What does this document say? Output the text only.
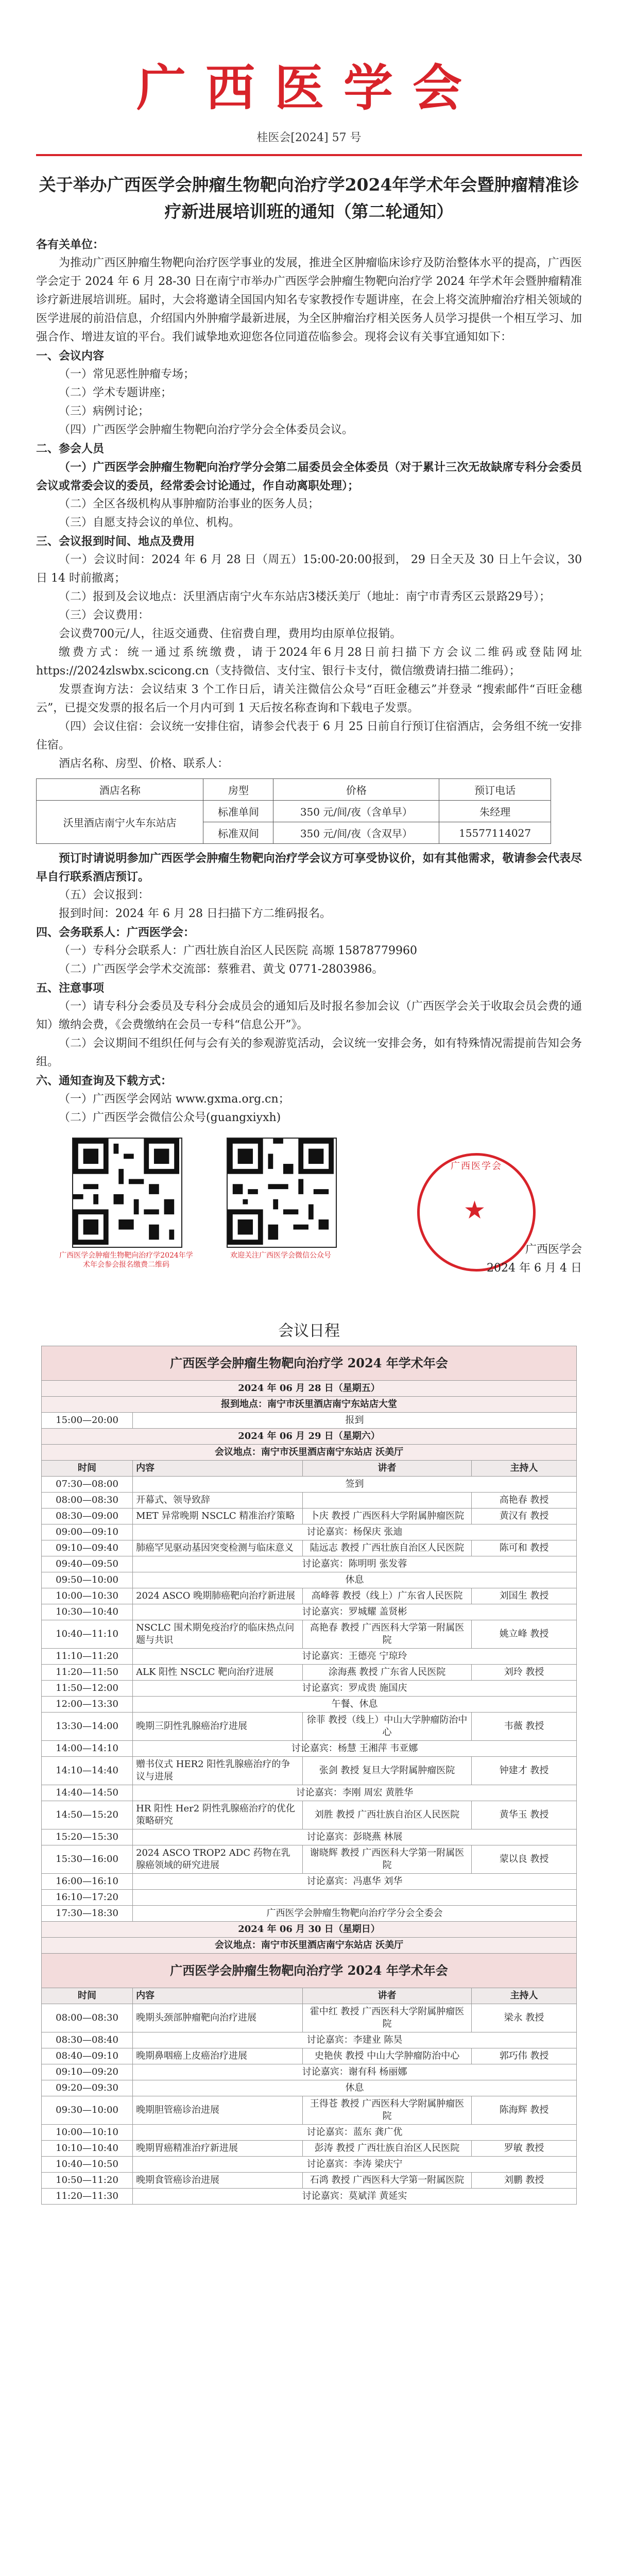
广西医学会
桂医会[2024] 57 号
关于举办广西医学会肿瘤生物靶向治疗学2024年学术年会暨肿瘤精准诊疗新进展培训班的通知（第二轮通知）

各有关单位：

为推动广西区肿瘤生物靶向治疗医学事业的发展，推进全区肿瘤临床诊疗及防治整体水平的提高，广西医学会定于 2024 年 6 月 28-30 日在南宁市举办广西医学会肿瘤生物靶向治疗学 2024 年学术年会暨肿瘤精准诊疗新进展培训班。届时，大会将邀请全国国内知名专家教授作专题讲座，在会上将交流肿瘤治疗相关领域的医学进展的前沿信息，介绍国内外肿瘤学最新进展，为全区肿瘤治疗相关医务人员学习提供一个相互学习、加强合作、增进友谊的平台。我们诚挚地欢迎您各位同道莅临参会。现将会议有关事宜通知如下：

一、会议内容

（一）常见恶性肿瘤专场；

（二）学术专题讲座；

（三）病例讨论；

（四）广西医学会肿瘤生物靶向治疗学分会全体委员会议。

二、参会人员

（一）广西医学会肿瘤生物靶向治疗学分会第二届委员会全体委员（对于累计三次无故缺席专科分会委员会议或常委会议的委员，经常委会讨论通过，作自动离职处理）；

（二）全区各级机构从事肿瘤防治事业的医务人员；

（三）自愿支持会议的单位、机构。

三、会议报到时间、地点及费用

（一）会议时间：2024 年 6 月 28 日（周五）15:00-20:00报到， 29 日全天及 30 日上午会议，30 日 14 时前撤离；

（二）报到及会议地点：沃里酒店南宁火车东站店3楼沃美厅（地址：南宁市青秀区云景路29号）；

（三）会议费用：

会议费700元/人，往返交通费、住宿费自理，费用均由原单位报销。

缴费方式：统一通过系统缴费，请于2024年6月28日前扫描下方会议二维码或登陆网址https://2024zlswbx.scicong.cn（支持微信、支付宝、银行卡支付，微信缴费请扫描二维码）；

发票查询方法：会议结束 3 个工作日后，请关注微信公众号“百旺金穗云”并登录 “搜索邮件“百旺金穗云”，已提交发票的报名后一个月内可到 1 天后按名称查询和下载电子发票。

（四）会议住宿：会议统一安排住宿，请参会代表于 6 月 25 日前自行预订住宿酒店，会务组不统一安排住宿。

酒店名称、房型、价格、联系人：

酒店名称	房型	价格	预订电话
沃里酒店南宁火车东站店	标准单间	350 元/间/夜（含单早）	朱经理
	标准双间	350 元/间/夜（含双早）	15577114027

预订时请说明参加广西医学会肿瘤生物靶向治疗学会议方可享受协议价，如有其他需求，敬请参会代表尽早自行联系酒店预订。

（五）会议报到：

报到时间：2024 年 6 月 28 日扫描下方二维码报名。

四、会务联系人：广西医学会：

（一）专科分会联系人：广西壮族自治区人民医院 高塬 15878779960

（二）广西医学会学术交流部：蔡雅君、黄戈 0771-2803986。

五、注意事项

（一）请专科分会委员及专科分会成员会的通知后及时报名参加会议（广西医学会关于收取会员会费的通知）缴纳会费，《会费缴纳在会员一专科“信息公开”》。

（二）会议期间不组织任何与会有关的参观游览活动，会议统一安排会务，如有特殊情况需提前告知会务组。

六、通知查询及下载方式：

（一）广西医学会网站 www.gxma.org.cn；

（二）广西医学会微信公众号(guangxiyxh)

广西医学会肿瘤生物靶向治疗学2024年学术年会参会报名缴费二维码
欢迎关注广西医学会微信公众号
广西医学会
★
广西医学会
2024 年 6 月 4 日
会议日程
广西医学会肿瘤生物靶向治疗学 2024 年学术年会			
2024 年 06 月 28 日（星期五）			
报到地点：南宁市沃里酒店南宁东站店大堂			
15:00—20:00	报到		
2024 年 06 月 29 日（星期六）			
会议地点：南宁市沃里酒店南宁东站店 沃美厅			
时间	内容	讲者	主持人
07:30—08:00	签到		
08:00—08:30	开幕式、领导致辞		高艳春 教授
08:30—09:00	MET 异常晚期 NSCLC 精准治疗策略	卜庆 教授 广西医科大学附属肿瘤医院	黄汉有 教授
09:00—09:10	讨论嘉宾：杨保庆 张迪		
09:10—09:40	肺癌罕见驱动基因突变检测与临床意义	陆远志 教授 广西壮族自治区人民医院	陈可和 教授
09:40—09:50	讨论嘉宾：陈明明 张发蓉		
09:50—10:00	休息		
10:00—10:30	2024 ASCO 晚期肺癌靶向治疗新进展	高峰蓉 教授（线上）广东省人民医院	刘国生 教授
10:30—10:40	讨论嘉宾：罗城耀 盖贤彬		
10:40—11:10	NSCLC 围术期免疫治疗的临床热点问题与共识	高艳春 教授 广西医科大学第一附属医院	姚立峰 教授
11:10—11:20	讨论嘉宾：王德亮 宁琼玲		
11:20—11:50	ALK 阳性 NSCLC 靶向治疗进展	涂海燕 教授 广东省人民医院	刘玲 教授
11:50—12:00	讨论嘉宾：罗成贵 施国庆		
12:00—13:30	午餐、休息		
13:30—14:00	晚期三阴性乳腺癌治疗进展	徐菲 教授（线上）中山大学肿瘤防治中心	韦薇 教授
14:00—14:10	讨论嘉宾：杨慧 王湘萍 韦亚娜		
14:10—14:40	赠书仪式 HER2 阳性乳腺癌治疗的争议与进展	张剑 教授 复旦大学附属肿瘤医院	钟建才 教授
14:40—14:50	讨论嘉宾：李刚 周宏 黄胜华		
14:50—15:20	HR 阳性 Her2 阴性乳腺癌治疗的优化策略研究	刘胜 教授 广西壮族自治区人民医院	黄华玉 教授
15:20—15:30	讨论嘉宾：彭晓燕 林展		
15:30—16:00	2024 ASCO TROP2 ADC 药物在乳腺癌领域的研究进展	谢晓辉 教授 广西医科大学第一附属医院	蒙以良 教授
16:00—16:10	讨论嘉宾：冯惠华 刘华		
16:10—17:20			
17:30—18:30	广西医学会肿瘤生物靶向治疗学分会全委会		
2024 年 06 月 30 日（星期日）			
会议地点：南宁市沃里酒店南宁东站店 沃美厅			
广西医学会肿瘤生物靶向治疗学 2024 年学术年会			
时间	内容	讲者	主持人
08:00—08:30	晚期头颈部肿瘤靶向治疗进展	霍中红 教授 广西医科大学附属肿瘤医院	梁永 教授
08:30—08:40	讨论嘉宾：李建业 陈昊		
08:40—09:10	晚期鼻咽癌上皮癌治疗进展	史艳侠 教授 中山大学肿瘤防治中心	郭巧伟 教授
09:10—09:20	讨论嘉宾：谢有科 杨丽娜		
09:20—09:30	休息		
09:30—10:00	晚期胆管癌诊治进展	王得苍 教授 广西医科大学附属肿瘤医院	陈海辉 教授
10:00—10:10	讨论嘉宾：蓝东 龚广优		
10:10—10:40	晚期胃癌精准治疗新进展	彭涛 教授 广西壮族自治区人民医院	罗敏 教授
10:40—10:50	讨论嘉宾：李涛 梁庆宁		
10:50—11:20	晚期食管癌诊治进展	石鸿 教授 广西医科大学第一附属医院	刘鹏 教授
11:20—11:30	讨论嘉宾：莫斌洋 黄延实		
